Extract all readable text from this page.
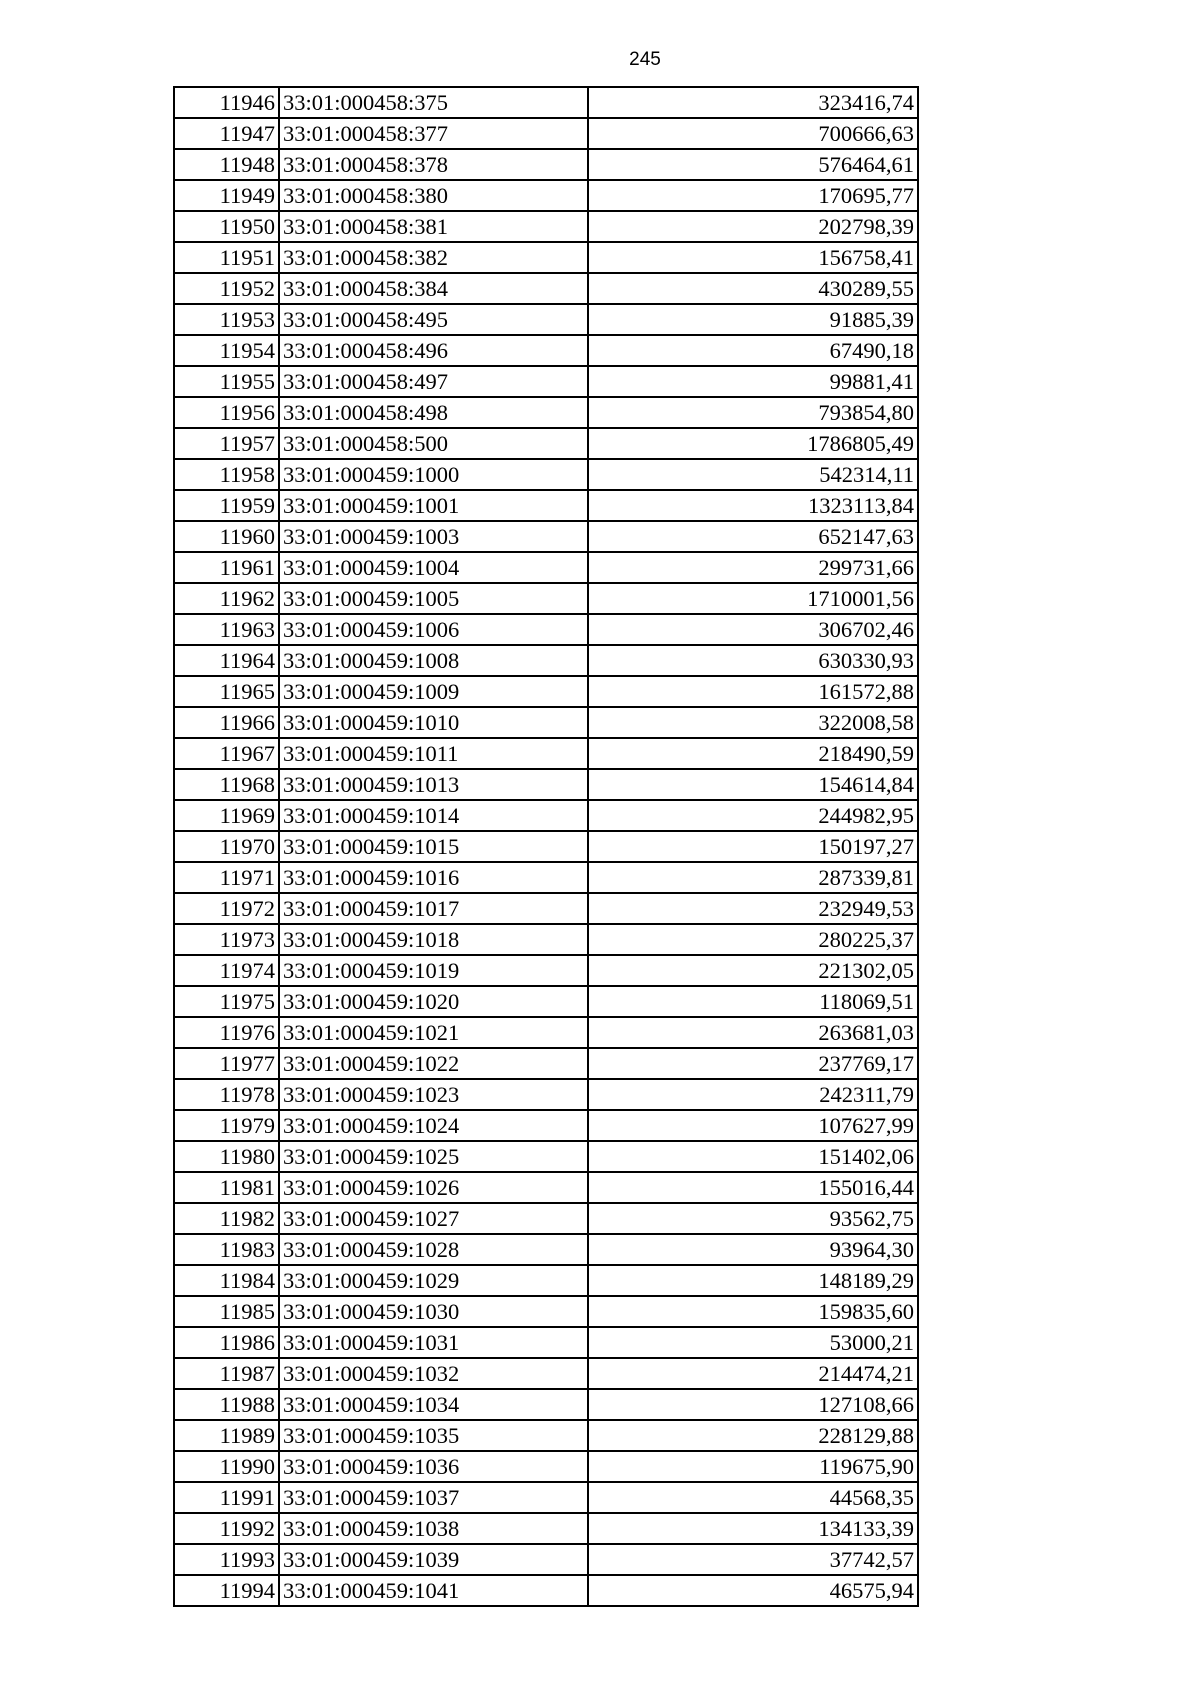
245
11946	33:01:000458:375	323416,74
11947	33:01:000458:377	700666,63
11948	33:01:000458:378	576464,61
11949	33:01:000458:380	170695,77
11950	33:01:000458:381	202798,39
11951	33:01:000458:382	156758,41
11952	33:01:000458:384	430289,55
11953	33:01:000458:495	91885,39
11954	33:01:000458:496	67490,18
11955	33:01:000458:497	99881,41
11956	33:01:000458:498	793854,80
11957	33:01:000458:500	1786805,49
11958	33:01:000459:1000	542314,11
11959	33:01:000459:1001	1323113,84
11960	33:01:000459:1003	652147,63
11961	33:01:000459:1004	299731,66
11962	33:01:000459:1005	1710001,56
11963	33:01:000459:1006	306702,46
11964	33:01:000459:1008	630330,93
11965	33:01:000459:1009	161572,88
11966	33:01:000459:1010	322008,58
11967	33:01:000459:1011	218490,59
11968	33:01:000459:1013	154614,84
11969	33:01:000459:1014	244982,95
11970	33:01:000459:1015	150197,27
11971	33:01:000459:1016	287339,81
11972	33:01:000459:1017	232949,53
11973	33:01:000459:1018	280225,37
11974	33:01:000459:1019	221302,05
11975	33:01:000459:1020	118069,51
11976	33:01:000459:1021	263681,03
11977	33:01:000459:1022	237769,17
11978	33:01:000459:1023	242311,79
11979	33:01:000459:1024	107627,99
11980	33:01:000459:1025	151402,06
11981	33:01:000459:1026	155016,44
11982	33:01:000459:1027	93562,75
11983	33:01:000459:1028	93964,30
11984	33:01:000459:1029	148189,29
11985	33:01:000459:1030	159835,60
11986	33:01:000459:1031	53000,21
11987	33:01:000459:1032	214474,21
11988	33:01:000459:1034	127108,66
11989	33:01:000459:1035	228129,88
11990	33:01:000459:1036	119675,90
11991	33:01:000459:1037	44568,35
11992	33:01:000459:1038	134133,39
11993	33:01:000459:1039	37742,57
11994	33:01:000459:1041	46575,94
